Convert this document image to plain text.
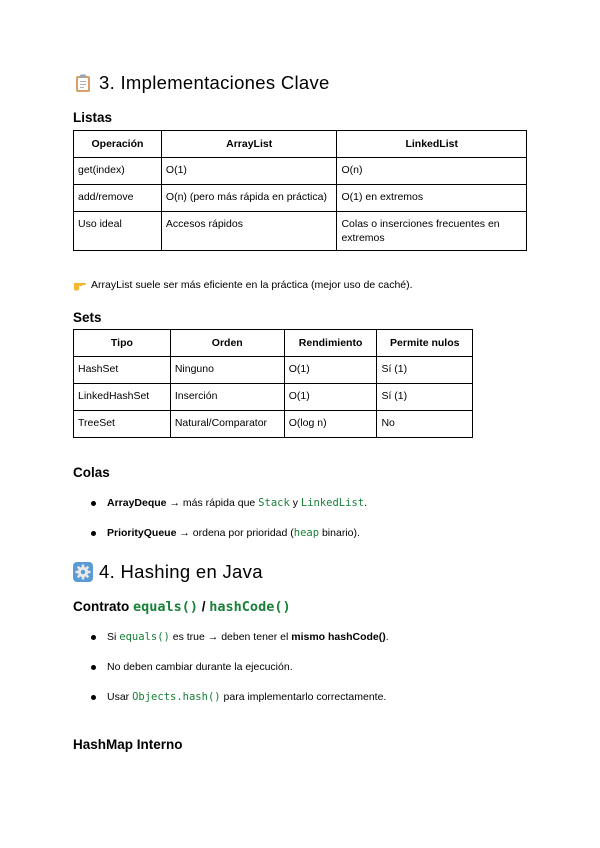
3. Implementaciones Clave
Listas
Operación	ArrayList	LinkedList
get(index)	O(1)	O(n)
add/remove	O(n) (pero más rápida en práctica)	O(1) en extremos
Uso ideal	Accesos rápidos	Colas o inserciones frecuentes en extremos
ArrayList suele ser más eficiente en la práctica (mejor uso de caché).
Sets
Tipo	Orden	Rendimiento	Permite nulos
HashSet	Ninguno	O(1)	Sí (1)
LinkedHashSet	Inserción	O(1)	Sí (1)
TreeSet	Natural/Comparator	O(log n)	No
Colas
ArrayDeque → más rápida que Stack y LinkedList.
PriorityQueue → ordena por prioridad (heap binario).
4. Hashing en Java
Contrato equals() / hashCode()
Si equals() es true → deben tener el mismo hashCode().
No deben cambiar durante la ejecución.
Usar Objects.hash() para implementarlo correctamente.
HashMap Interno
